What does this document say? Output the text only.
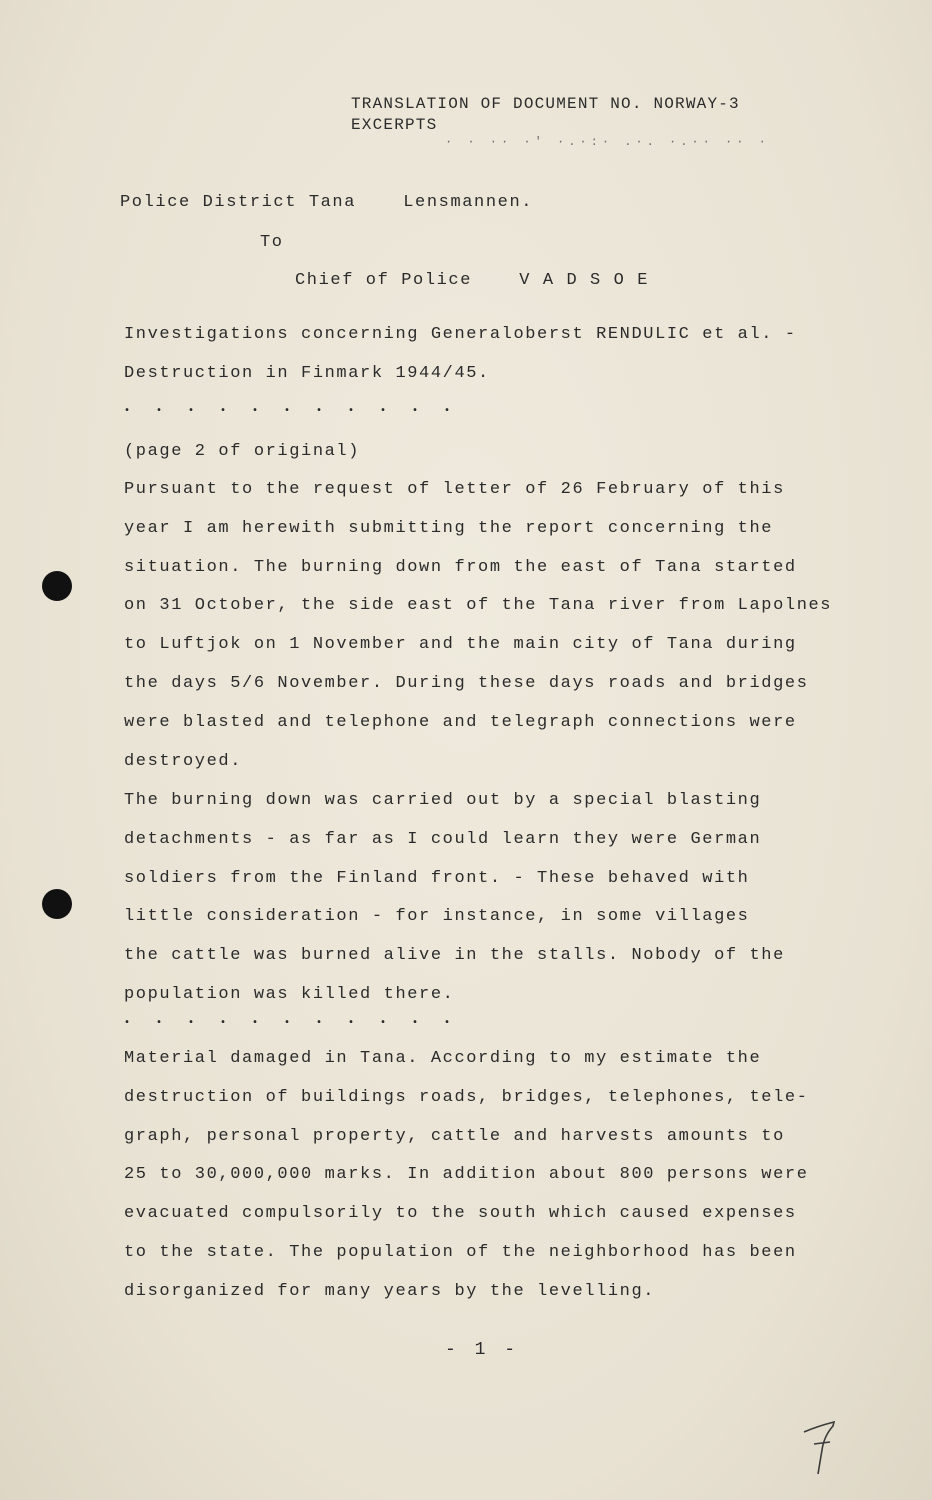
TRANSLATION OF DOCUMENT NO. NORWAY-3
EXCERPTS
· · ·· ·' ·.·:· .·. ·.·· ·· ·
Police District Tana    Lensmannen.
To
Chief of Police    V A D S O E
Investigations concerning Generaloberst RENDULIC et al. -
Destruction in Finmark 1944/45.
• • • • • • • • • • •
(page 2 of original)
Pursuant to the request of letter of 26 February of this
year I am herewith submitting the report concerning the
situation. The burning down from the east of Tana started
on 31 October, the side east of the Tana river from Lapolnes
to Luftjok on 1 November and the main city of Tana during
the days 5/6 November. During these days roads and bridges
were blasted and telephone and telegraph connections were
destroyed.
The burning down was carried out by a special blasting
detachments - as far as I could learn they were German
soldiers from the Finland front. - These behaved with
little consideration - for instance, in some villages
the cattle was burned alive in the stalls. Nobody of the
population was killed there.
• • • • • • • • • • •
Material damaged in Tana. According to my estimate the
destruction of buildings roads, bridges, telephones, tele-
graph, personal property, cattle and harvests amounts to
25 to 30,000,000 marks. In addition about 800 persons were
evacuated compulsorily to the south which caused expenses
to the state. The population of the neighborhood has been
disorganized for many years by the levelling.
- 1 -
